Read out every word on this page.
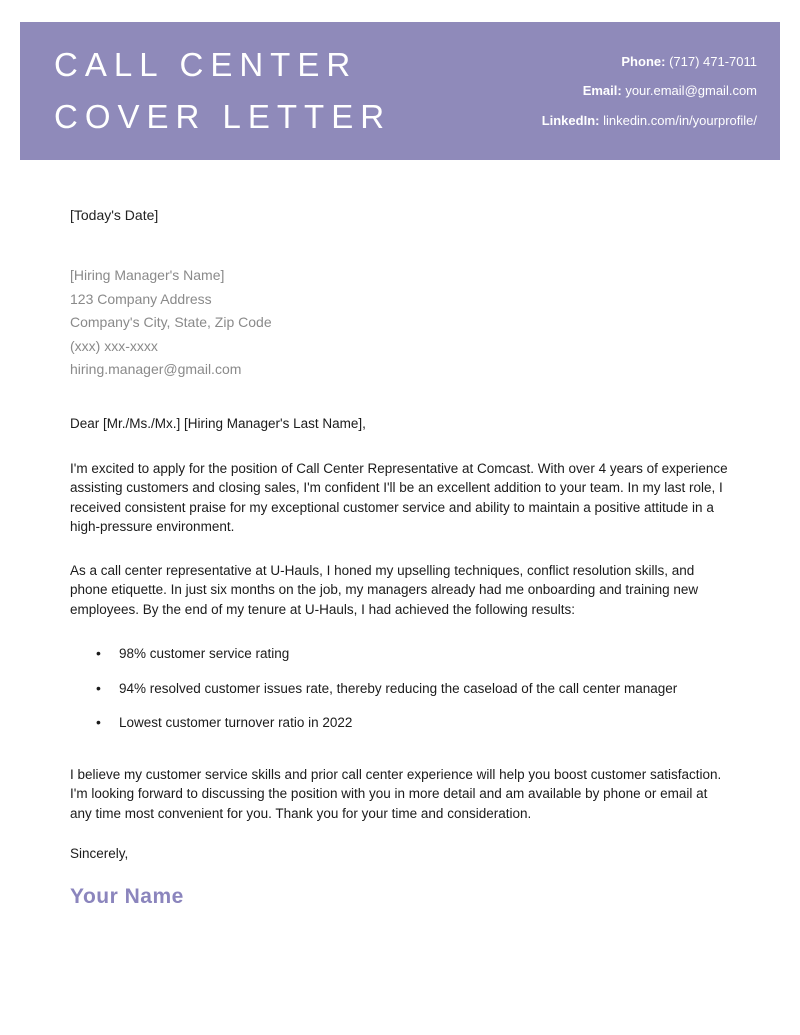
CALL CENTER
COVER LETTER
Phone: (717) 471-7011
Email: your.email@gmail.com
LinkedIn: linkedin.com/in/yourprofile/
[Today's Date]
[Hiring Manager's Name]
123 Company Address
Company's City, State, Zip Code
(xxx) xxx-xxxx
hiring.manager@gmail.com
Dear [Mr./Ms./Mx.] [Hiring Manager's Last Name],

I'm excited to apply for the position of Call Center Representative at Comcast. With over 4 years of experience assisting customers and closing sales, I'm confident I'll be an excellent addition to your team. In my last role, I received consistent praise for my exceptional customer service and ability to maintain a positive attitude in a high-pressure environment.

As a call center representative at U-Hauls, I honed my upselling techniques, conflict resolution skills, and phone etiquette. In just six months on the job, my managers already had me onboarding and training new employees. By the end of my tenure at U-Hauls, I had achieved the following results:

• 98% customer service rating
• 94% resolved customer issues rate, thereby reducing the caseload of the call center manager
• Lowest customer turnover ratio in 2022

I believe my customer service skills and prior call center experience will help you boost customer satisfaction. I'm looking forward to discussing the position with you in more detail and am available by phone or email at any time most convenient for you. Thank you for your time and consideration.

Sincerely,
Your Name
